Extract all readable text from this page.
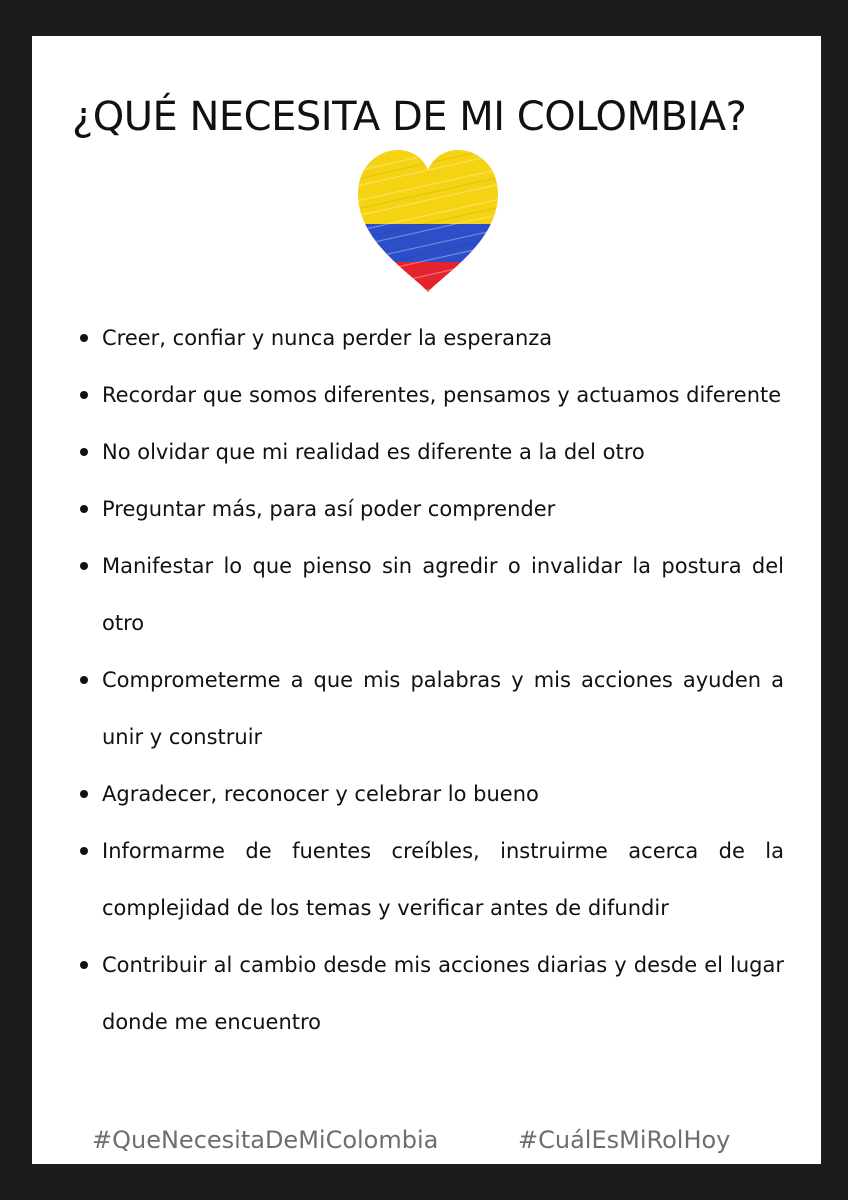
¿QUÉ NECESITA DE MI COLOMBIA?
Creer, confiar y nunca perder la esperanza
Recordar que somos diferentes, pensamos y actuamos diferente
No olvidar que mi realidad es diferente a la del otro
Preguntar más, para así poder comprender
Manifestar lo que pienso sin agredir o invalidar la postura del otro
Comprometerme a que mis palabras y mis acciones ayuden a unir y construir
Agradecer, reconocer y celebrar lo bueno
Informarme de fuentes creíbles, instruirme acerca de la complejidad de los temas y verificar antes de difundir
Contribuir al cambio desde mis acciones diarias y desde el lugar donde me encuentro

#QueNecesitaDeMiColombia	#CuálEsMiRolHoy
